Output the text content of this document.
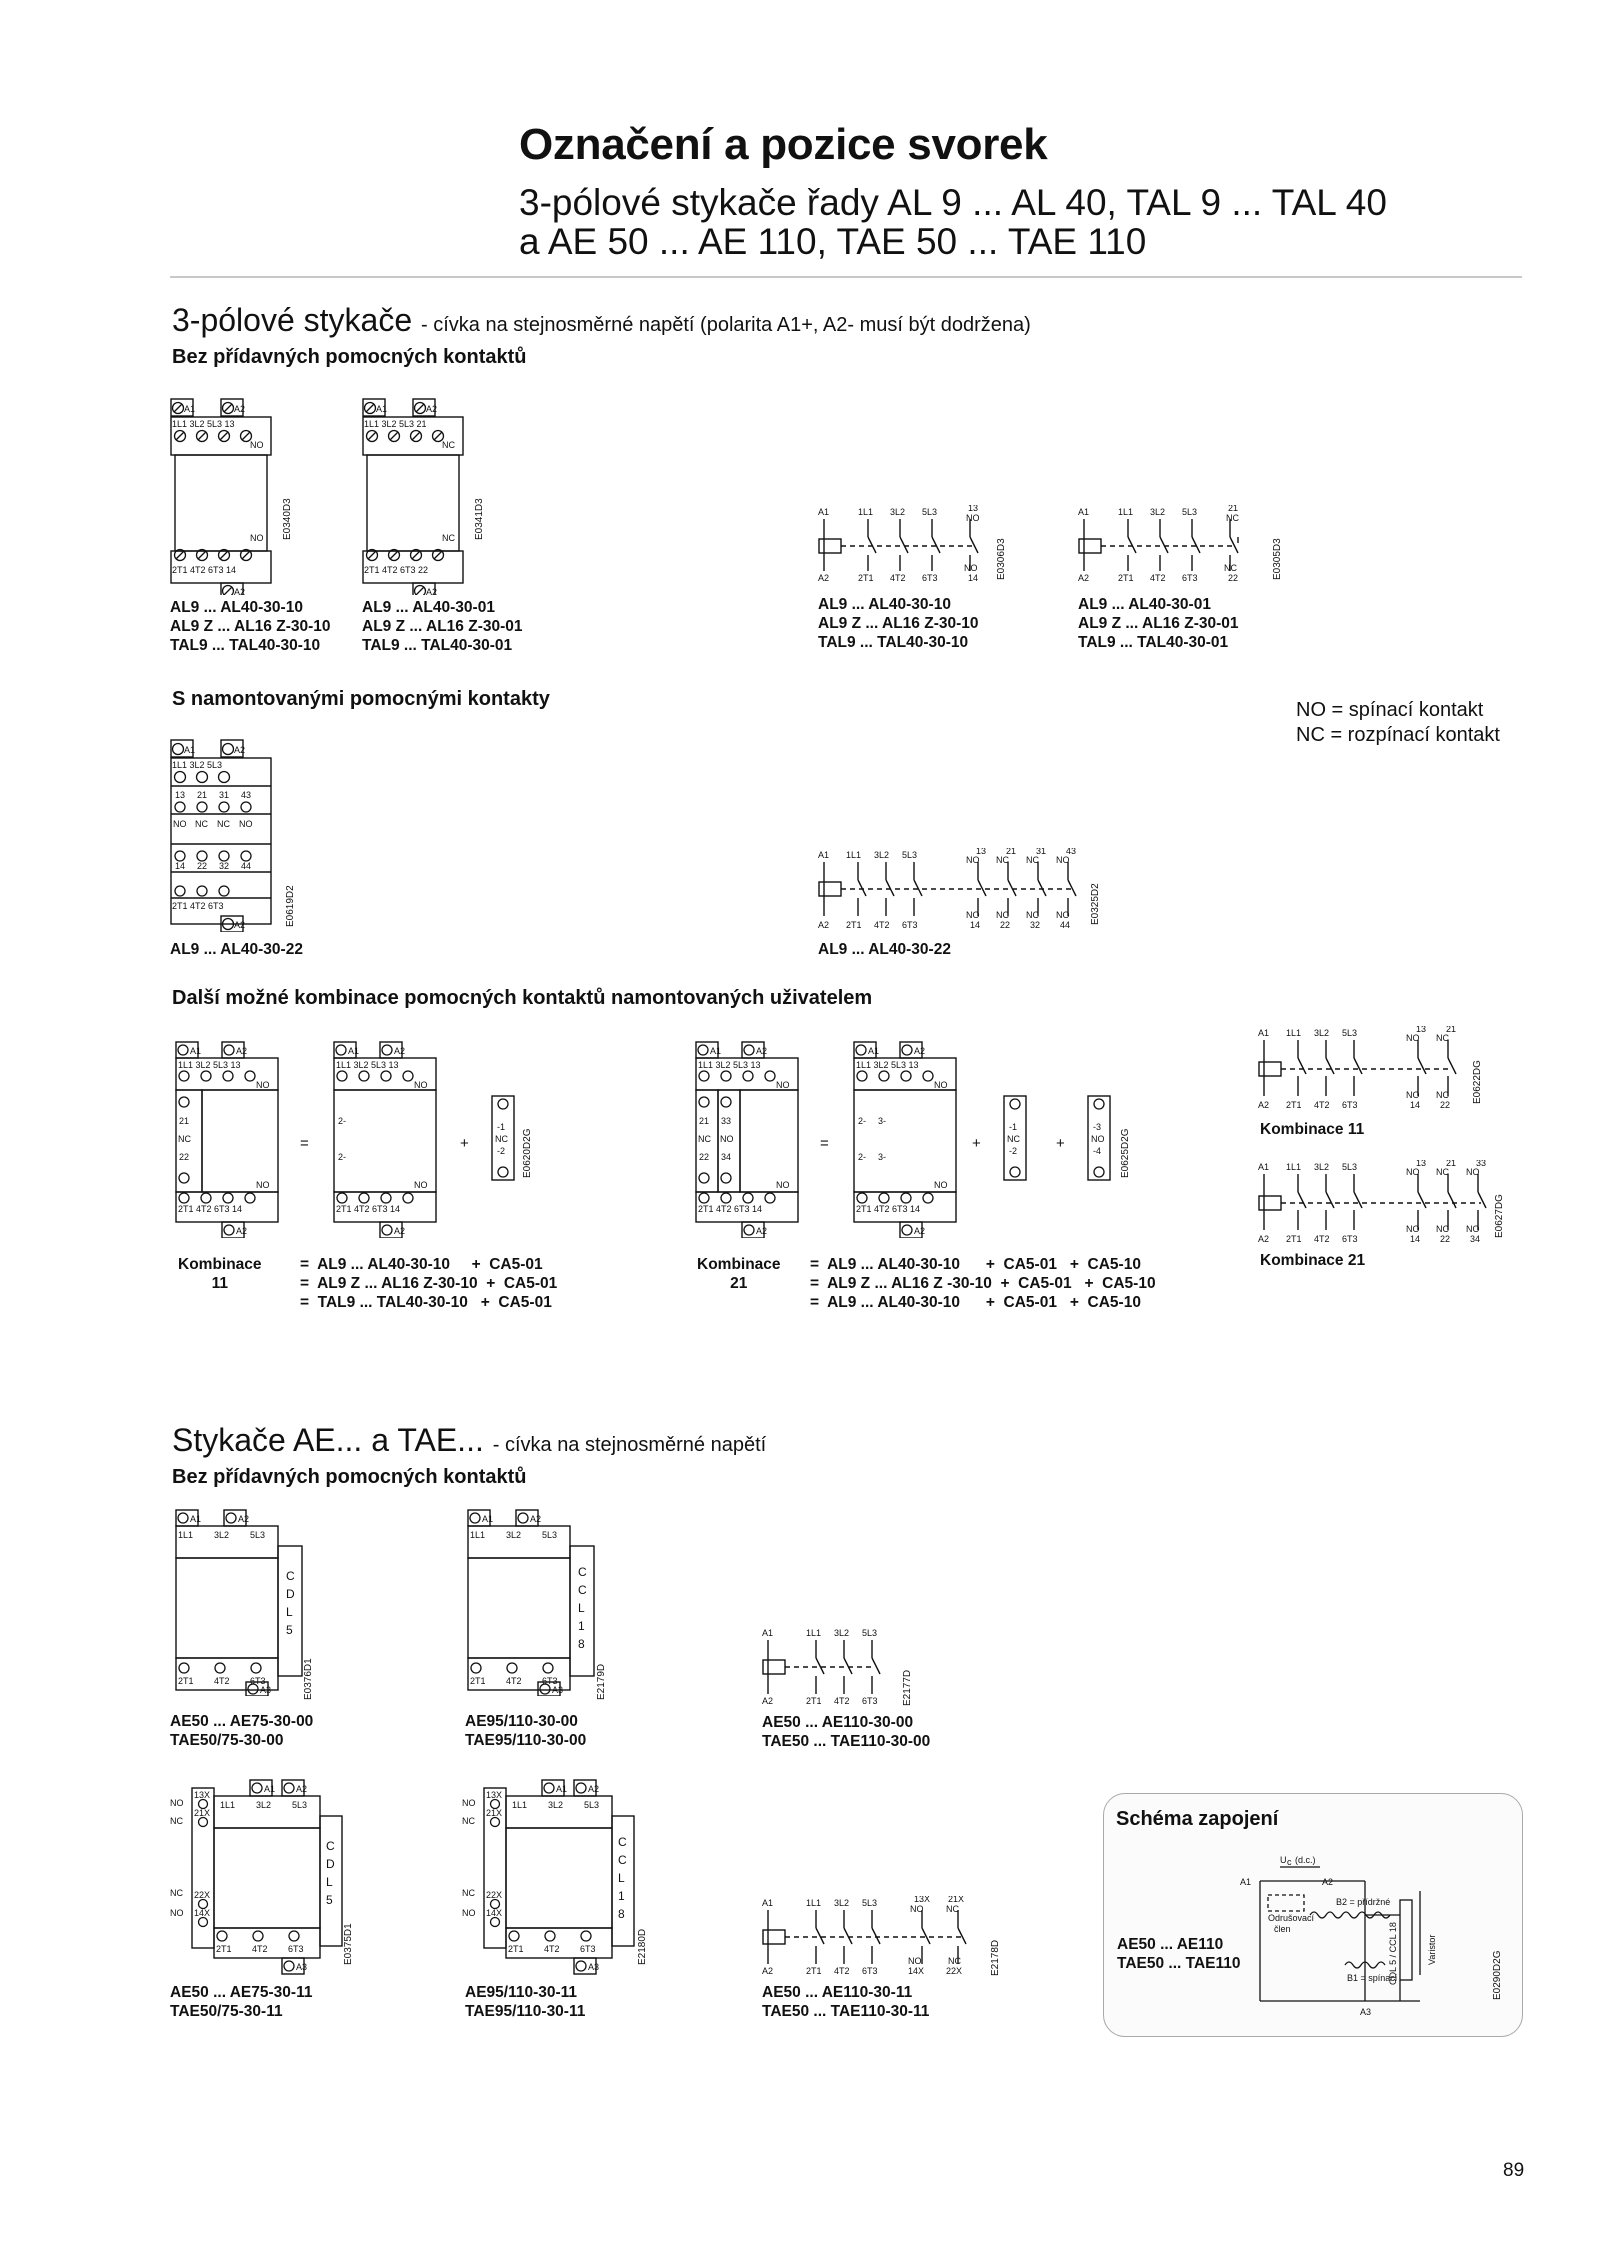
Označení a pozice svorek
3-pólové stykače řady AL 9 ... AL 40, TAL 9 ... TAL 40
a AE 50 ... AE 110, TAE 50 ... TAE 110
3-pólové stykače - cívka na stejnosměrné napětí (polarita A1+, A2- musí být dodržena)
Bez přídavných pomocných kontaktů
A1	A2
1L1 3L2 5L3 13
NO
NO
2T1 4T2 6T3 14
A2
E0340D3
A1	A2
1L1 3L2 5L3 21
NC
NC
2T1 4T2 6T3 22
A2
E0341D3
AL9 ... AL40-30-10
AL9 Z ... AL16 Z-30-10
TAL9 ... TAL40-30-10
AL9 ... AL40-30-01
AL9 Z ... AL16 Z-30-01
TAL9 ... TAL40-30-01
A1	1L1 3L2 5L3	13
NO
A2	2T1 4T2 6T3
NO
14 E0306D3
A1	1L1 3L2 5L3	21
NC
A2	2T1 4T2 6T3
NC
22	E0305D3
AL9 ... AL40-30-10
AL9 Z ... AL16 Z-30-10
TAL9 ... TAL40-30-10
AL9 ... AL40-30-01
AL9 Z ... AL16 Z-30-01
TAL9 ... TAL40-30-01
S namontovanými pomocnými kontakty	NO = spínací kontakt
NC = rozpínací kontakt
A1	A2
1L1 3L2 5L3
13 21 31 43
NO NC NC NO
14 22 32 44
2T1 4T2 6T3
A2	E0619D2
AL9 ... AL40-30-22
A1 1L1 3L2 5L3	13
NO
21
NC
31
NC
43
NO
A2 2T1 4T2 6T3
NO
14
NC
22
NC
32
NO
44 E0325D2
AL9 ... AL40-30-22
Další možné kombinace pomocných kontaktů namontovaných uživatelem
A1	A2
1L1 3L2 5L3 13
NO
21
NC
22
NO
2T1 4T2 6T3 14
A2
A1	A2
1L1 3L2 5L3 13
NO
2-
2-
NO
2T1 4T2 6T3 14
A2
-1
NC
-2
=	+	E0620D2G
Kombinace
11
=  AL9 ... AL40-30-10     +  CA5-01
=  AL9 Z ... AL16 Z-30-10  +  CA5-01
=  TAL9 ... TAL40-30-10   +  CA5-01
A1	A2
1L1 3L2 5L3 13
NO
21 33
NC NO
22 34
NO
2T1 4T2 6T3 14
A2
A1	A2
1L1 3L2 5L3 13
NO
2- 3-
2- 3-
NO
2T1 4T2 6T3 14
A2
-1
NC
-2
-3
NO
-4
=	+	+	E0625D2G
Kombinace
21
=  AL9 ... AL40-30-10      +  CA5-01   +  CA5-10
=  AL9 Z ... AL16 Z -30-10  +  CA5-01   +  CA5-10
=  AL9 ... AL40-30-10      +  CA5-01   +  CA5-10
A1 1L1 3L2 5L3	13
NO
21
NC
A2 2T1 4T2 6T3
NO
14
NC
22
E0622DG
Kombinace 11
A1 1L1 3L2 5L3	13
NO
21
NC
33
NO
A2 2T1 4T2 6T3
NO
14
NC
22
NO
34
E0627DG
Kombinace 21
Stykače AE... a TAE... - cívka na stejnosměrné napětí
Bez přídavných pomocných kontaktů
A1	A2
1L1 3L2 5L3
2T1 4T2 6T3
A3
C
D
L
5
E0376D1
AE50 ... AE75-30-00
TAE50/75-30-00
A1	A2
1L1 3L2 5L3
2T1 4T2 6T3
A3
C
C
L
1
8
E2179D
AE95/110-30-00
TAE95/110-30-00
A1	1L1 3L2 5L3
A2	2T1 4T2 6T3 E2177D
AE50 ... AE110-30-00
TAE50 ... TAE110-30-00
A1 A2
1L1 3L2 5L3
NO
13X
NC
21X
NC 22X
NO 14X
2T1 4T2 6T3
A3
C
D
L
5
E0375D1
AE50 ... AE75-30-11
TAE50/75-30-11
A1 A2
1L1 3L2 5L3
NO
13X
NC
21X
NC 22X
NO 14X
2T1 4T2 6T3
A3
C
C
L
1
8
E2180D
AE95/110-30-11
TAE95/110-30-11
A1	1L1 3L2 5L3	13X
NO
21X
NC
A2	2T1 4T2 6T3
NO
14X
NC
22X	E2178D
AE50 ... AE110-30-11
TAE50 ... TAE110-30-11
Schéma zapojení
AE50 ... AE110
TAE50 ... TAE110
U c (d.c.)
A1	A2
B2 = přídržné
Odrušovací
člen
B1 = spínací
A3
Varistor
CDL 5 / CCL 18	E0290D2G
89
